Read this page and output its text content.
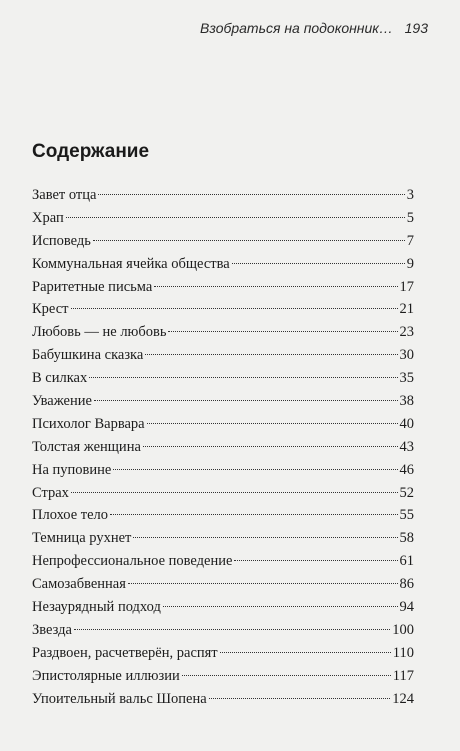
Взобраться на подоконник… 193
Содержание
Завет отца	3
Храп	5
Исповедь	7
Коммунальная ячейка общества	9
Раритетные письма	17
Крест	21
Любовь — не любовь	23
Бабушкина сказка	30
В силках	35
Уважение	38
Психолог Варвара	40
Толстая женщина	43
На пуповине	46
Страх	52
Плохое тело	55
Темница рухнет	58
Непрофессиональное поведение	61
Самозабвенная	86
Незаурядный подход	94
Звезда	100
Раздвоен, расчетверён, распят	110
Эпистолярные иллюзии	117
Упоительный вальс Шопена	124
